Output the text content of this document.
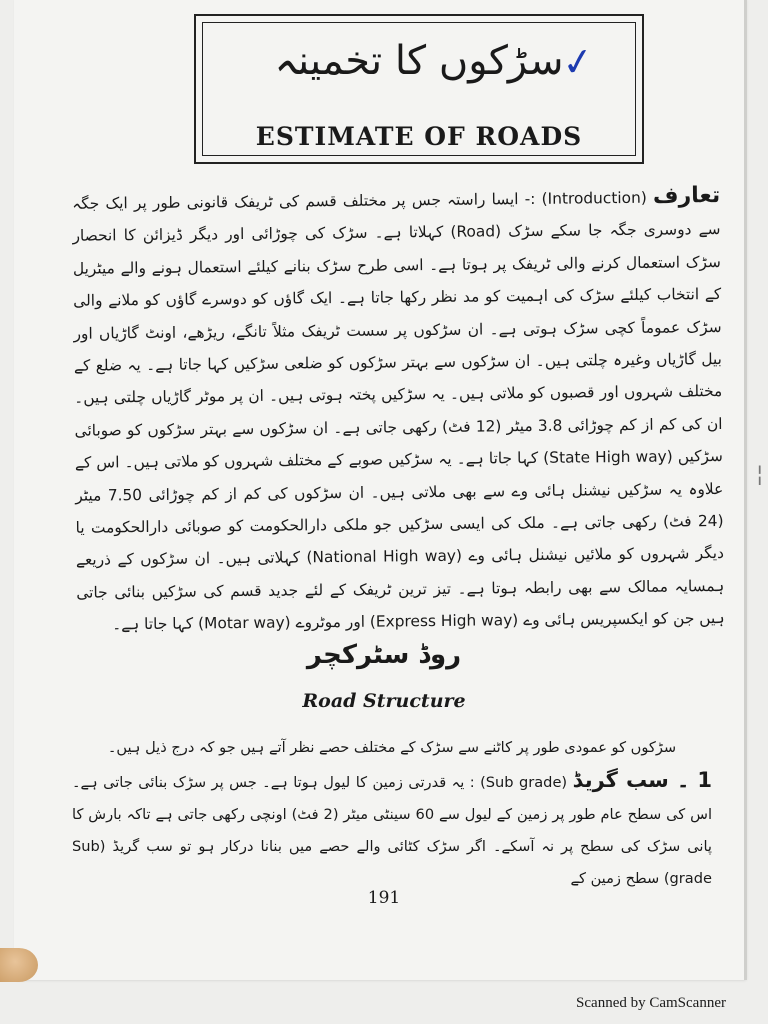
سڑکوں کا تخمینہ
ESTIMATE OF ROADS
✓
تعارف (Introduction) :- ایسا راستہ جس پر مختلف قسم کی ٹریفک قانونی طور پر ایک جگہ سے دوسری جگہ جا سکے سڑک (Road) کہلاتا ہے۔ سڑک کی چوڑائی اور دیگر ڈیزائن کا انحصار سڑک استعمال کرنے والی ٹریفک پر ہوتا ہے۔ اسی طرح سڑک بنانے کیلئے استعمال ہونے والے میٹریل کے انتخاب کیلئے سڑک کی اہمیت کو مد نظر رکھا جاتا ہے۔ ایک گاؤں کو دوسرے گاؤں کو ملانے والی سڑک عموماً کچی سڑک ہوتی ہے۔ ان سڑکوں پر سست ٹریفک مثلاً تانگے، ریڑھے، اونٹ گاڑیاں اور بیل گاڑیاں وغیرہ چلتی ہیں۔ ان سڑکوں سے بہتر سڑکوں کو ضلعی سڑکیں کہا جاتا ہے۔ یہ ضلع کے مختلف شہروں اور قصبوں کو ملاتی ہیں۔ یہ سڑکیں پختہ ہوتی ہیں۔ ان پر موٹر گاڑیاں چلتی ہیں۔ ان کی کم از کم چوڑائی 3.8 میٹر (12 فٹ) رکھی جاتی ہے۔ ان سڑکوں سے بہتر سڑکوں کو صوبائی سڑکیں (State High way) کہا جاتا ہے۔ یہ سڑکیں صوبے کے مختلف شہروں کو ملاتی ہیں۔ اس کے علاوہ یہ سڑکیں نیشنل ہائی وے سے بھی ملاتی ہیں۔ ان سڑکوں کی کم از کم چوڑائی 7.50 میٹر (24 فٹ) رکھی جاتی ہے۔ ملک کی ایسی سڑکیں جو ملکی دارالحکومت کو صوبائی دارالحکومت یا دیگر شہروں کو ملائیں نیشنل ہائی وے (National High way) کہلاتی ہیں۔ ان سڑکوں کے ذریعے ہمسایہ ممالک سے بھی رابطہ ہوتا ہے۔ تیز ترین ٹریفک کے لئے جدید قسم کی سڑکیں بنائی جاتی ہیں جن کو ایکسپریس ہائی وے (Express High way) اور موٹروے (Motar way) کہا جاتا ہے۔
روڈ سٹرکچر
Road Structure
سڑکوں کو عمودی طور پر کاٹنے سے سڑک کے مختلف حصے نظر آتے ہیں جو کہ درج ذیل ہیں۔
1 ۔ سب گریڈ (Sub grade) : یہ قدرتی زمین کا لیول ہوتا ہے۔ جس پر سڑک بنائی جاتی ہے۔ اس کی سطح عام طور پر زمین کے لیول سے 60 سینٹی میٹر (2 فٹ) اونچی رکھی جاتی ہے تاکہ بارش کا پانی سڑک کی سطح پر نہ آسکے۔ اگر سڑک کٹائی والے حصے میں بنانا درکار ہو تو سب گریڈ (Sub grade) سطح زمین کے
191
¦
Scanned by CamScanner
